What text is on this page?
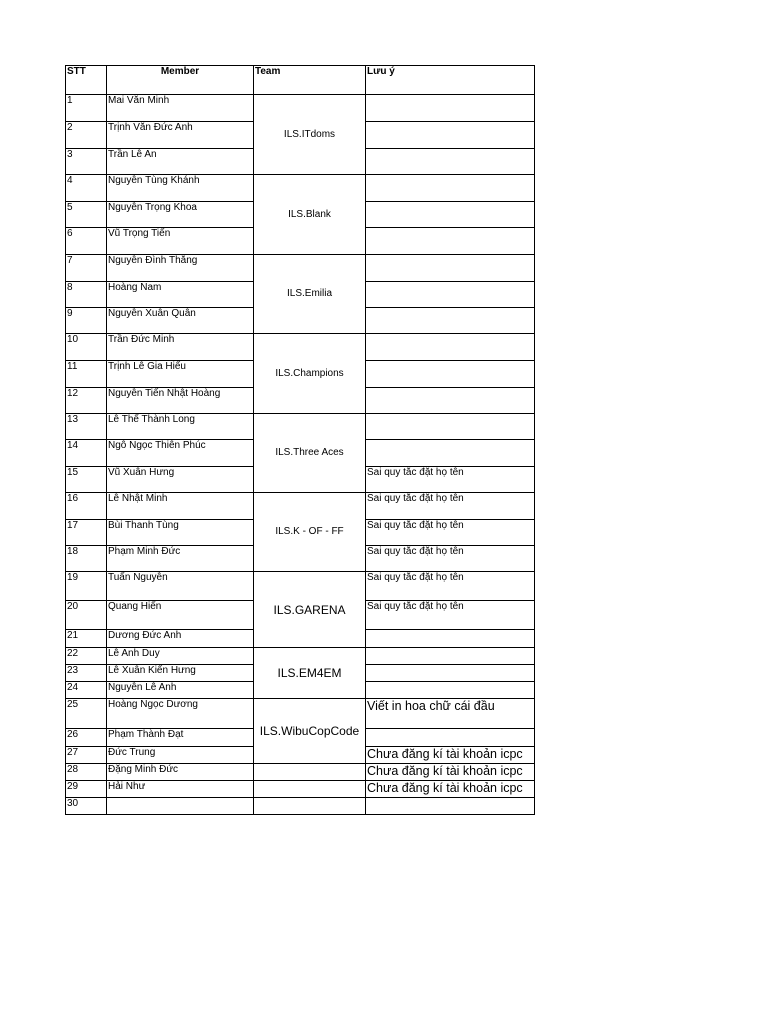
STT	Member	Team	Lưu ý
1	Mai Văn Minh	ILS.ITdoms	
2	Trịnh Văn Đức Anh		
3	Trần Lê An		
4	Nguyễn Tùng Khánh	ILS.Blank	
5	Nguyễn Trọng Khoa		
6	Vũ Trọng Tiến		
7	Nguyễn Đình Thắng	ILS.Emilia	
8	Hoàng Nam		
9	Nguyễn Xuân Quân		
10	Trần Đức Minh	ILS.Champions	
11	Trịnh Lê Gia Hiếu		
12	Nguyễn Tiến Nhật Hoàng		
13	Lê Thế Thành Long	ILS.Three Aces	
14	Ngô Ngọc Thiên Phúc		
15	Vũ Xuân Hưng		Sai quy tắc đặt họ tên
16	Lê Nhật Minh	ILS.K - OF - FF	Sai quy tắc đặt họ tên
17	Bùi Thanh Tùng		Sai quy tắc đặt họ tên
18	Phạm Minh Đức		Sai quy tắc đặt họ tên
19	Tuấn Nguyễn	ILS.GARENA	Sai quy tắc đặt họ tên
20	Quang Hiển		Sai quy tắc đặt họ tên
21	Dương Đức Anh		
22	Lê Anh Duy	ILS.EM4EM	
23	Lê Xuân Kiến Hưng		
24	Nguyễn Lê Anh		
25	Hoàng Ngọc Dương	ILS.WibuCopCode	Viết in hoa chữ cái đầu
26	Phạm Thành Đạt		
27	Đức Trung		Chưa đăng kí tài khoản icpc
28	Đặng Minh Đức		Chưa đăng kí tài khoản icpc
29	Hải Như		Chưa đăng kí tài khoản icpc
30			
